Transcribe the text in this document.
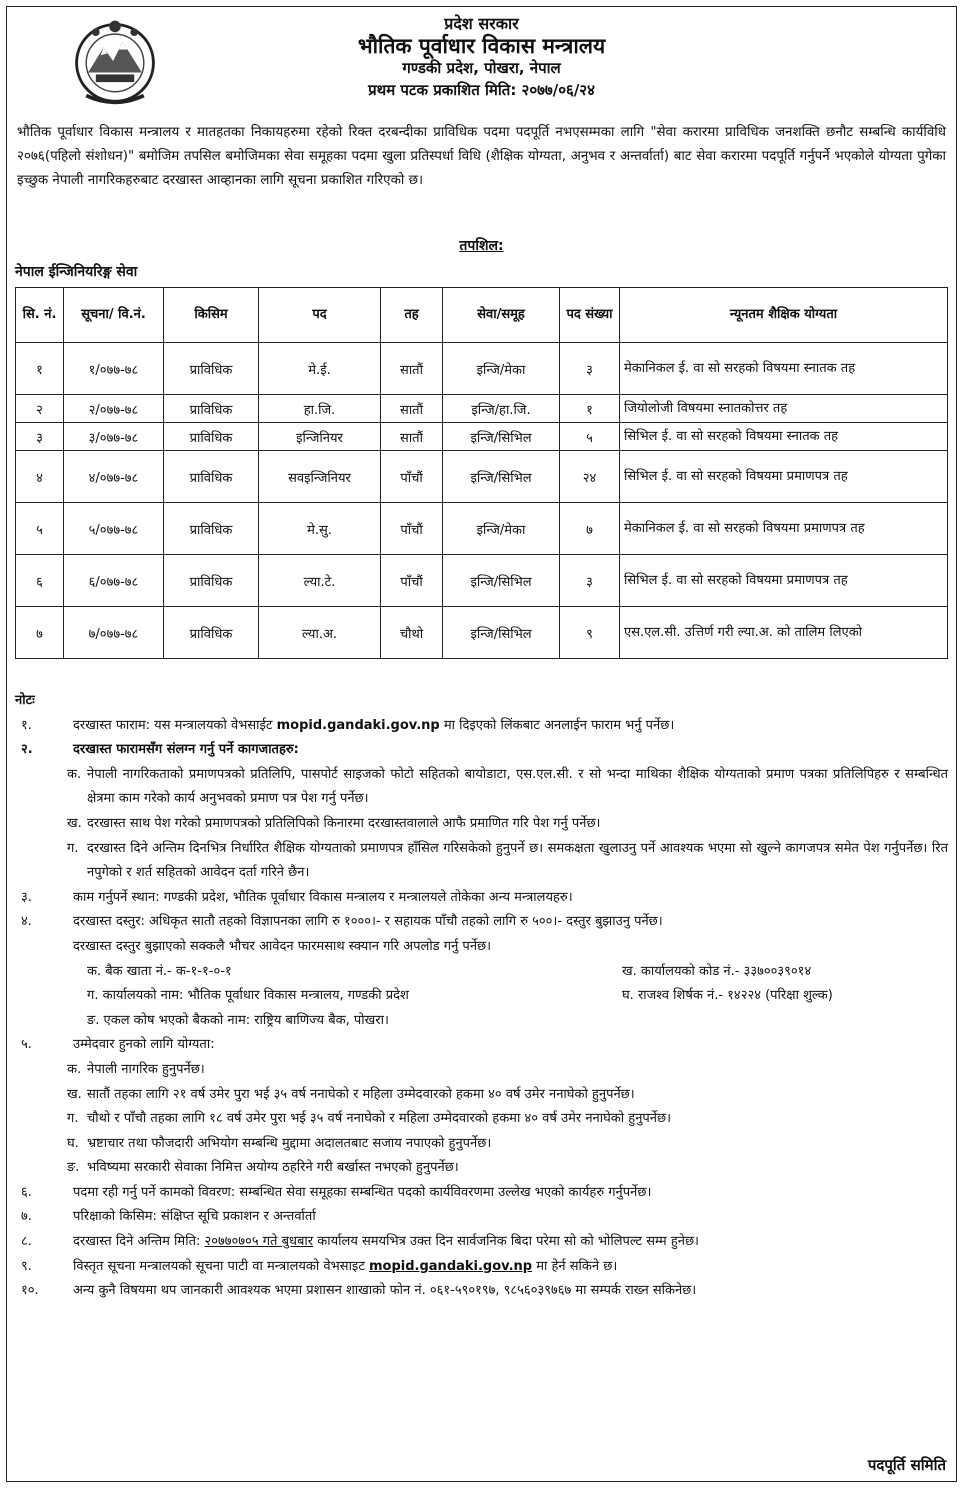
प्रदेश सरकार
भौतिक पूर्वाधार विकास मन्त्रालय
गण्डकी प्रदेश, पोखरा, नेपाल
प्रथम पटक प्रकाशित मिति: २०७७/०६/२४
भौतिक पूर्वाधार विकास मन्त्रालय र मातहतका निकायहरुमा रहेको रिक्त दरबन्दीका प्राविधिक पदमा पदपूर्ति नभएसम्मका लागि "सेवा करारमा प्राविधिक जनशक्ति छनौट सम्बन्धि कार्यविधि २०७६(पहिलो संशोधन)" बमोजिम तपसिल बमोजिमका सेवा समूहका पदमा खुला प्रतिस्पर्धा विधि (शैक्षिक योग्यता, अनुभव र अन्तर्वार्ता) बाट सेवा करारमा पदपूर्ति गर्नुपर्ने भएकोले योग्यता पुगेका इच्छुक नेपाली नागरिकहरुबाट दरखास्त आव्हानका लागि सूचना प्रकाशित गरिएको छ।
तपशिल:
नेपाल ईन्जिनियरिङ्ग सेवा
सि. नं.	सूचना/ वि.नं.	किसिम	पद	तह	सेवा/समूह	पद संख्या	न्यूनतम शैक्षिक योग्यता
१	१/०७७-७८	प्राविधिक	मे.ई.	सातौं	इन्जि/मेका	३	मेकानिकल ई. वा सो सरहको विषयमा स्नातक तह
२	२/०७७-७८	प्राविधिक	हा.जि.	सातौं	इन्जि/हा.जि.	१	जियोलोजी विषयमा स्नातकोत्तर तह
३	३/०७७-७८	प्राविधिक	इन्जिनियर	सातौं	इन्जि/सिभिल	५	सिभिल ई. वा सो सरहको विषयमा स्नातक तह
४	४/०७७-७८	प्राविधिक	सवइन्जिनियर	पाँचौं	इन्जि/सिभिल	२४	सिभिल ई. वा सो सरहको विषयमा प्रमाणपत्र तह
५	५/०७७-७८	प्राविधिक	मे.सु.	पाँचौं	इन्जि/मेका	७	मेकानिकल ई. वा सो सरहको विषयमा प्रमाणपत्र तह
६	६/०७७-७८	प्राविधिक	ल्या.टे.	पाँचौं	इन्जि/सिभिल	३	सिभिल ई. वा सो सरहको विषयमा प्रमाणपत्र तह
७	७/०७७-७८	प्राविधिक	ल्या.अ.	चौथो	इन्जि/सिभिल	९	एस.एल.सी. उत्तिर्ण गरी ल्या.अ. को तालिम लिएको
नोटः
१.	दरखास्त फाराम: यस मन्त्रालयको वेभसाईट mopid.gandaki.gov.np मा दिइएको लिंकबाट अनलाईन फाराम भर्नु पर्नेछ।
२.	दरखास्त फारामसँग संलग्न गर्नु पर्ने कागजातहरु:
क. नेपाली नागरिकताको प्रमाणपत्रको प्रतिलिपि, पासपोर्ट साइजको फोटो सहितको बायोडाटा, एस.एल.सी. र सो भन्दा माथिका शैक्षिक योग्यताको प्रमाण पत्रका प्रतिलिपिहरु र सम्बन्धित क्षेत्रमा काम गरेको कार्य अनुभवको प्रमाण पत्र पेश गर्नु पर्नेछ।
ख. दरखास्त साथ पेश गरेको प्रमाणपत्रको प्रतिलिपिको किनारमा दरखास्तवालाले आफै प्रमाणित गरि पेश गर्नु पर्नेछ।
ग. दरखास्त दिने अन्तिम दिनभित्र निर्धारित शैक्षिक योग्यताको प्रमाणपत्र हाँसिल गरिसकेको हुनुपर्ने छ। समकक्षता खुलाउनु पर्ने आवश्यक भएमा सो खुल्ने कागजपत्र समेत पेश गर्नुपर्नेछ। रित नपुगेको र शर्त सहितको आवेदन दर्ता गरिने छैन।
३.	काम गर्नुपर्ने स्थान: गण्डकी प्रदेश, भौतिक पूर्वाधार विकास मन्त्रालय र मन्त्रालयले तोकेका अन्य मन्त्रालयहरु।
४.	दरखास्त दस्तुर: अधिकृत सातौ तहको विज्ञापनका लागि रु १०००।- र सहायक पाँचौ तहको लागि रु ५००।- दस्तुर बुझाउनु पर्नेछ।
दरखास्त दस्तुर बुझाएको सक्कलै भौचर आवेदन फारमसाथ स्क्यान गरि अपलोड गर्नु पर्नेछ।
क. बैक खाता नं.- क-१-१-०-१	ख. कार्यालयको कोड नं.- ३३७००३९०१४
ग. कार्यालयको नाम: भौतिक पूर्वाधार विकास मन्त्रालय, गण्डकी प्रदेश	घ. राजश्व शिर्षक नं.- १४२२४ (परिक्षा शुल्क)
ङ. एकल कोष भएको बैकको नाम: राष्ट्रिय बाणिज्य बैक, पोखरा।
५.	उम्मेदवार हुनको लागि योग्यता:
क. नेपाली नागरिक हुनुपर्नेछ।
ख. सातौं तहका लागि २१ वर्ष उमेर पुरा भई ३५ वर्ष ननाघेको र महिला उम्मेदवारको हकमा ४० वर्ष उमेर ननाघेको हुनुपर्नेछ।
ग. चौथो र पाँचौ तहका लागि १८ वर्ष उमेर पुरा भई ३५ वर्ष ननाघेको र महिला उम्मेदवारको हकमा ४० वर्ष उमेर ननाघेको हुनुपर्नेछ।
घ. भ्रष्टाचार तथा फौजदारी अभियोग सम्बन्धि मुद्दामा अदालतबाट सजाय नपाएको हुनुपर्नेछ।
ङ. भविष्यमा सरकारी सेवाका निमित्त अयोग्य ठहरिने गरी बर्खास्त नभएको हुनुपर्नेछ।
६.	पदमा रही गर्नु पर्ने कामको विवरण: सम्बन्धित सेवा समूहका सम्बन्धित पदको कार्यविवरणमा उल्लेख भएको कार्यहरु गर्नुपर्नेछ।
७.	परिक्षाको किसिम: संक्षिप्त सूचि प्रकाशन र अन्तर्वार्ता
८.	दरखास्त दिने अन्तिम मिति: २०७७०७०५ गते बुधबार कार्यालय समयभित्र उक्त दिन सार्वजनिक बिदा परेमा सो को भोलिपल्ट सम्म हुनेछ।
९.	विस्तृत सूचना मन्त्रालयको सूचना पाटी वा मन्त्रालयको वेभसाइट mopid.gandaki.gov.np मा हेर्न सकिने छ।
१०.	अन्य कुनै विषयमा थप जानकारी आवश्यक भएमा प्रशासन शाखाको फोन नं. ०६१-५९०१९७, ९८५६०३९७६७ मा सम्पर्क राख्न सकिनेछ।
पदपूर्ति समिति
